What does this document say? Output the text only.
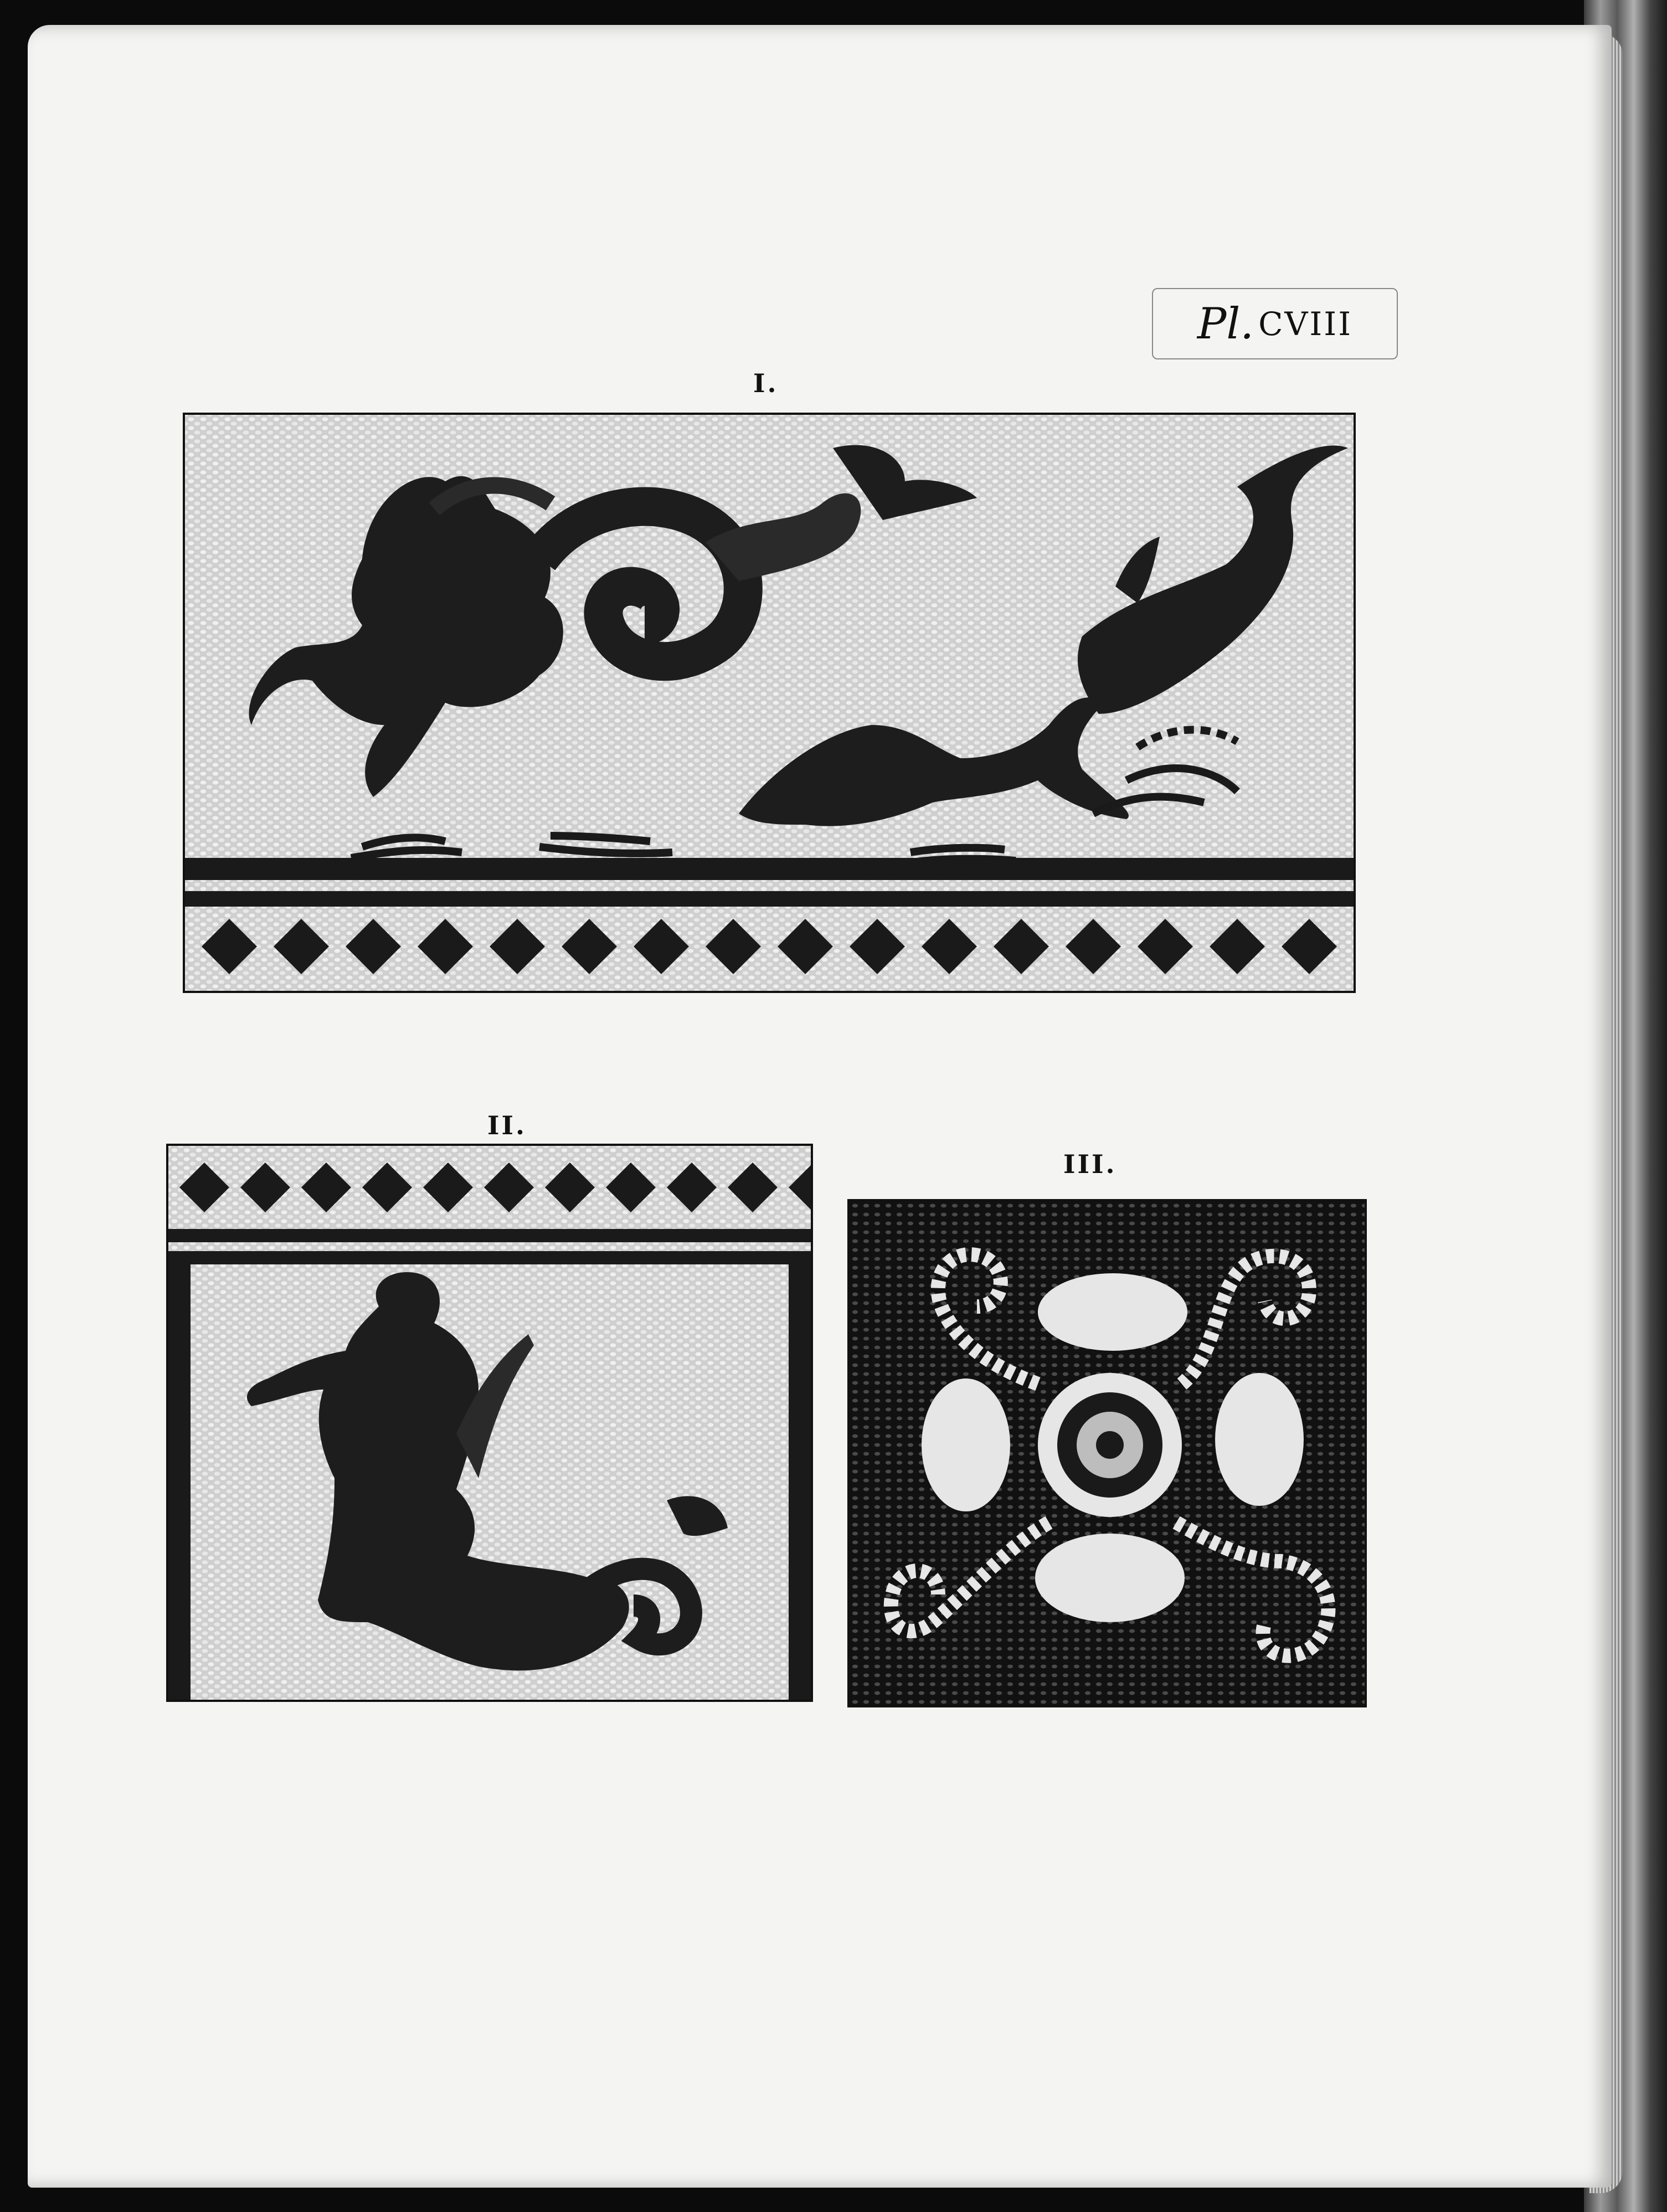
Pl. CVIII
I.
II.
III.
